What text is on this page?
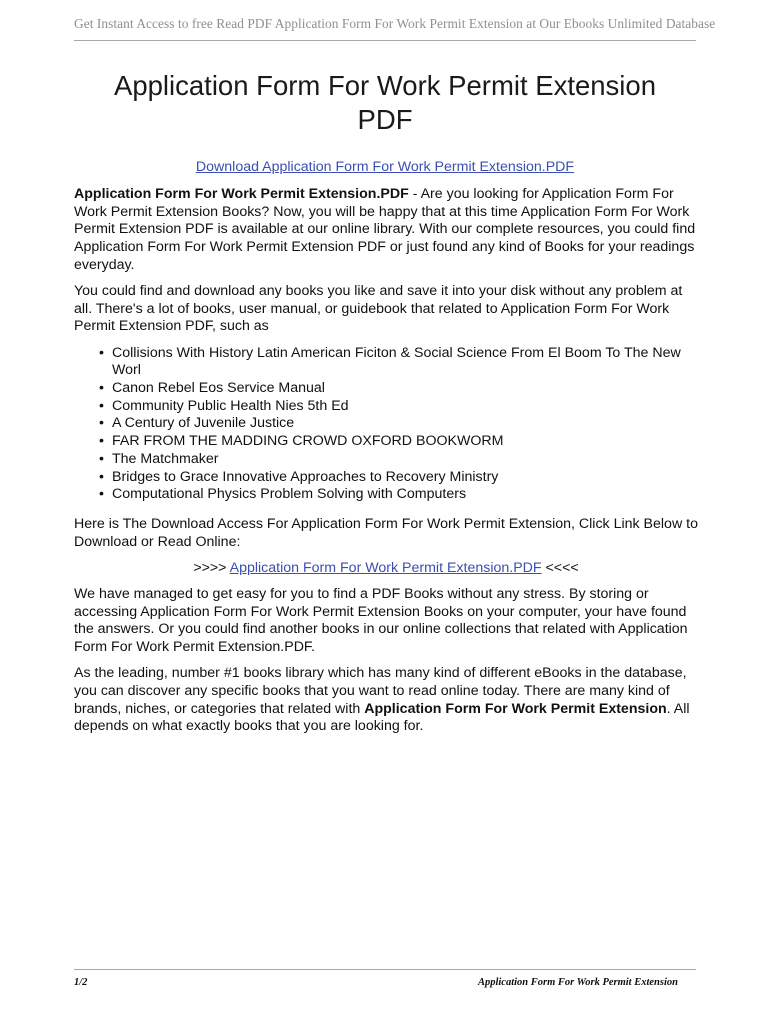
Get Instant Access to free Read PDF Application Form For Work Permit Extension at Our Ebooks Unlimited Database
Application Form For Work Permit Extension
PDF
Download Application Form For Work Permit Extension.PDF

Application Form For Work Permit Extension.PDF - Are you looking for Application Form For Work Permit Extension Books? Now, you will be happy that at this time Application Form For Work Permit Extension PDF is available at our online library. With our complete resources, you could find Application Form For Work Permit Extension PDF or just found any kind of Books for your readings everyday.

You could find and download any books you like and save it into your disk without any problem at all. There's a lot of books, user manual, or guidebook that related to Application Form For Work Permit Extension PDF, such as

• Collisions With History Latin American Ficiton & Social Science From El Boom To The New Worl
• Canon Rebel Eos Service Manual
• Community Public Health Nies 5th Ed
• A Century of Juvenile Justice
• FAR FROM THE MADDING CROWD OXFORD BOOKWORM
• The Matchmaker
• Bridges to Grace Innovative Approaches to Recovery Ministry
• Computational Physics Problem Solving with Computers

Here is The Download Access For Application Form For Work Permit Extension, Click Link Below to Download or Read Online:

>>>> Application Form For Work Permit Extension.PDF <<<<

We have managed to get easy for you to find a PDF Books without any stress. By storing or accessing Application Form For Work Permit Extension Books on your computer, your have found the answers. Or you could find another books in our online collections that related with Application Form For Work Permit Extension.PDF.

As the leading, number #1 books library which has many kind of different eBooks in the database, you can discover any specific books that you want to read online today. There are many kind of brands, niches, or categories that related with Application Form For Work Permit Extension. All depends on what exactly books that you are looking for.

1/2	Application Form For Work Permit Extension
